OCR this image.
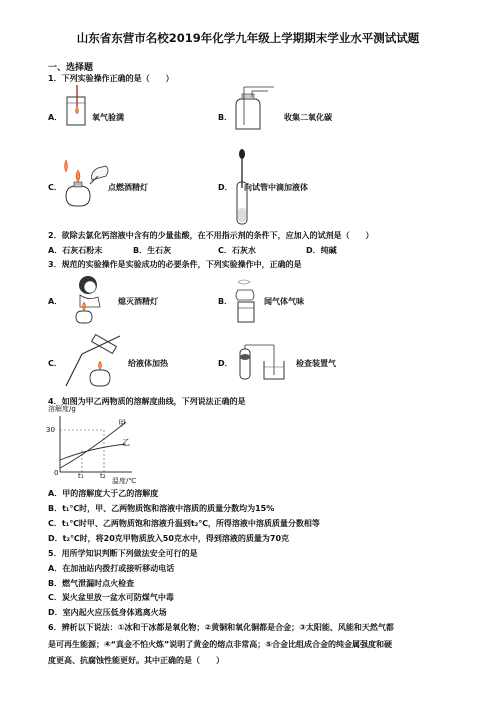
山东省东营市名校2019年化学九年级上学期期末学业水平测试试题
一、选择题
1．下列实验操作正确的是（　　）
A．	氧气验满	B．	收集二氧化碳
C．	点燃酒精灯	D． 向试管中滴加液体
2．欲除去氯化钙溶液中含有的少量盐酸，在不用指示剂的条件下，应加入的试剂是（　　）
A．石灰石粉末	B．生石灰	C．石灰水	D．纯碱
3．规范的实验操作是实验成功的必要条件，下列实验操作中，正确的是
A．	熄灭酒精灯	B．	闻气体气味
C．	给液体加热	D．	检查装置气
4．如图为甲乙两物质的溶解度曲线，下列说法正确的是
溶解度/g
30
0	t₁ t₂
温度/℃
甲
乙
A．甲的溶解度大于乙的溶解度
B．t₁℃时，甲、乙两物质饱和溶液中溶质的质量分数均为15%
C．t₁℃时甲、乙两物质饱和溶液升温到t₂℃，所得溶液中溶质质量分数相等
D．t₂℃时，将20克甲物质放入50克水中，得到溶液的质量为70克
5．用所学知识判断下列做法安全可行的是
A．在加油站内拨打或接听移动电话
B．燃气泄漏时点火检查
C．炭火盆里放一盆水可防煤气中毒
D．室内起火应压低身体逃离火场
6．辨析以下说法：①冰和干冰都是氧化物；②黄铜和氧化铜都是合金；③太阳能、风能和天然气都
是可再生能源；④“真金不怕火炼”说明了黄金的熔点非常高；⑤合金比组成合金的纯金属强度和硬
度更高、抗腐蚀性能更好。其中正确的是（　　）
